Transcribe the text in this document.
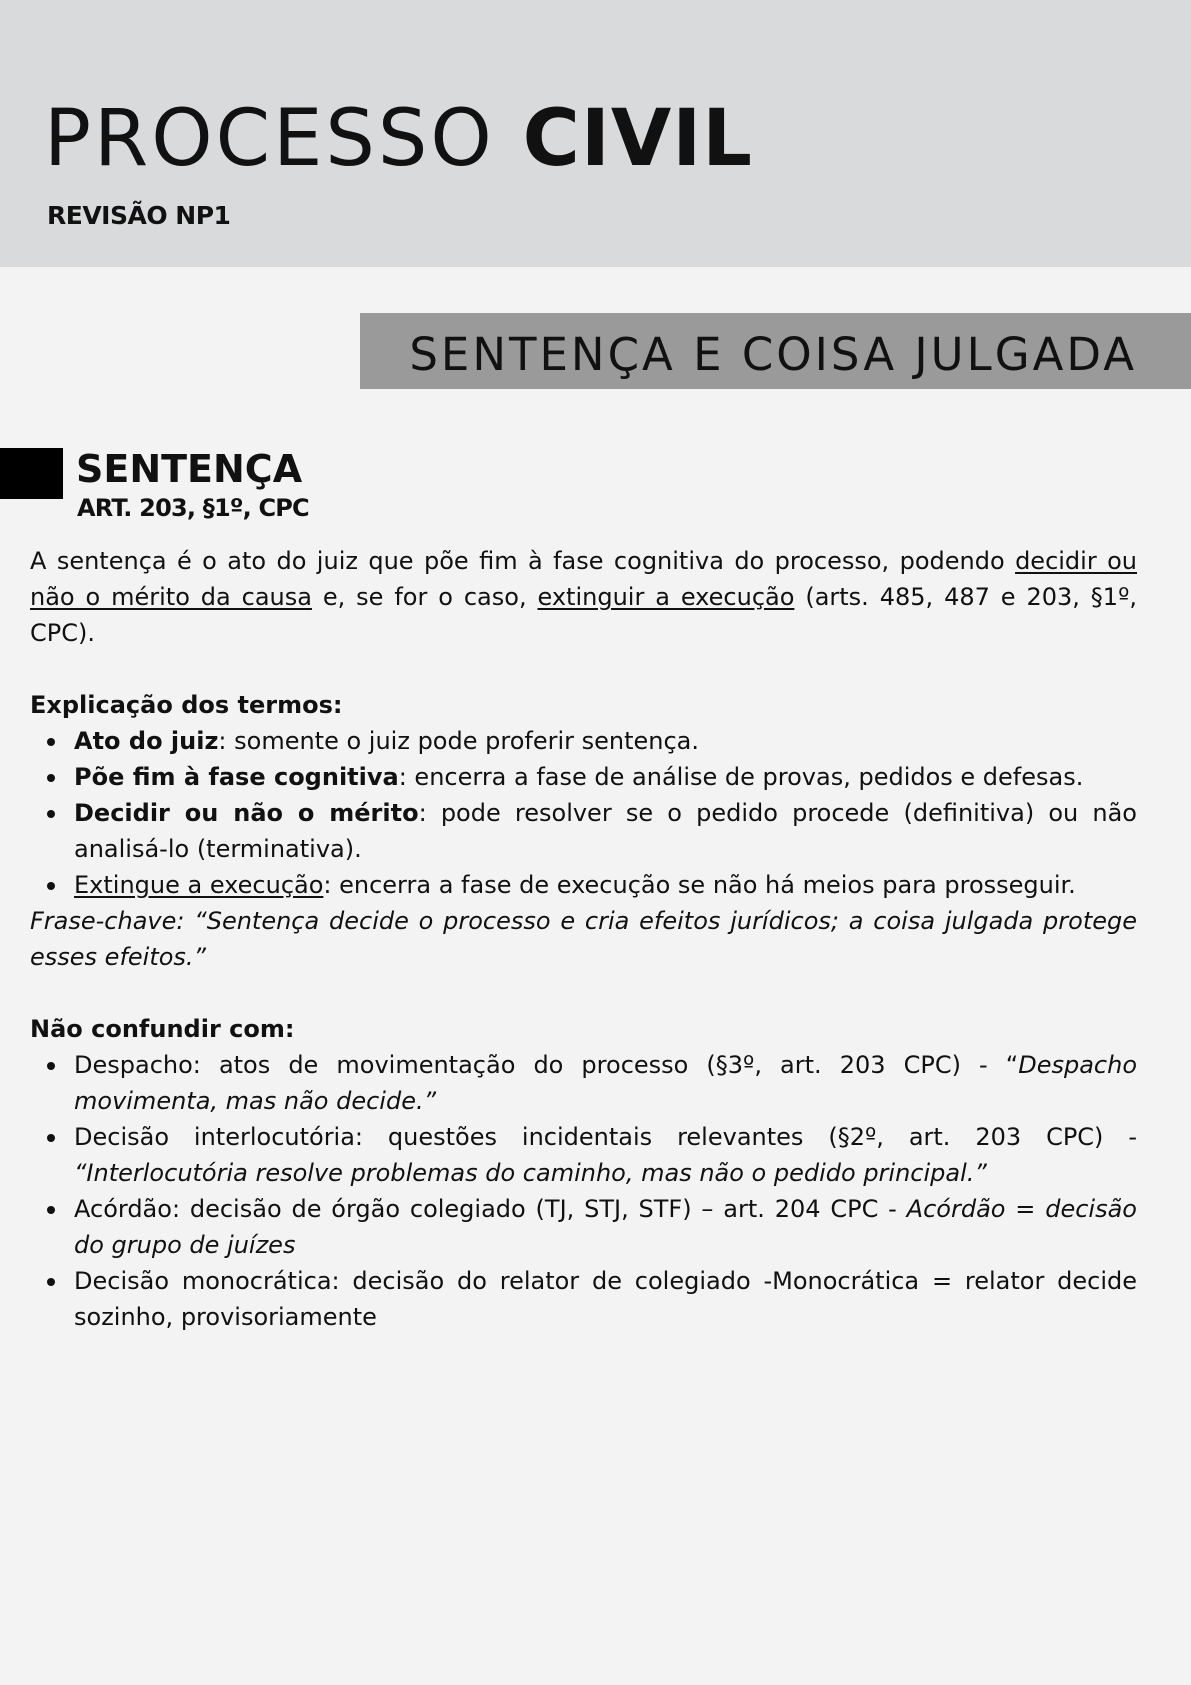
PROCESSO CIVIL

REVISÃO NP1

SENTENÇA E COISA JULGADA
SENTENÇA

ART. 203, §1º, CPC

A sentença é o ato do juiz que põe fim à fase cognitiva do processo, podendo decidir ou não o mérito da causa e, se for o caso, extinguir a execução (arts. 485, 487 e 203, §1º, CPC).

Explicação dos termos:

Ato do juiz: somente o juiz pode proferir sentença.
Põe fim à fase cognitiva: encerra a fase de análise de provas, pedidos e defesas.
Decidir ou não o mérito: pode resolver se o pedido procede (definitiva) ou não analisá-lo (terminativa).
Extingue a execução: encerra a fase de execução se não há meios para prosseguir.

Frase-chave: “Sentença decide o processo e cria efeitos jurídicos; a coisa julgada protege esses efeitos.”

Não confundir com:

Despacho: atos de movimentação do processo (§3º, art. 203 CPC) - “Despacho movimenta, mas não decide.”
Decisão interlocutória: questões incidentais relevantes (§2º, art. 203 CPC) - “Interlocutória resolve problemas do caminho, mas não o pedido principal.”
Acórdão: decisão de órgão colegiado (TJ, STJ, STF) – art. 204 CPC - Acórdão = decisão do grupo de juízes
Decisão monocrática: decisão do relator de colegiado -Monocrática = relator decide sozinho, provisoriamente
